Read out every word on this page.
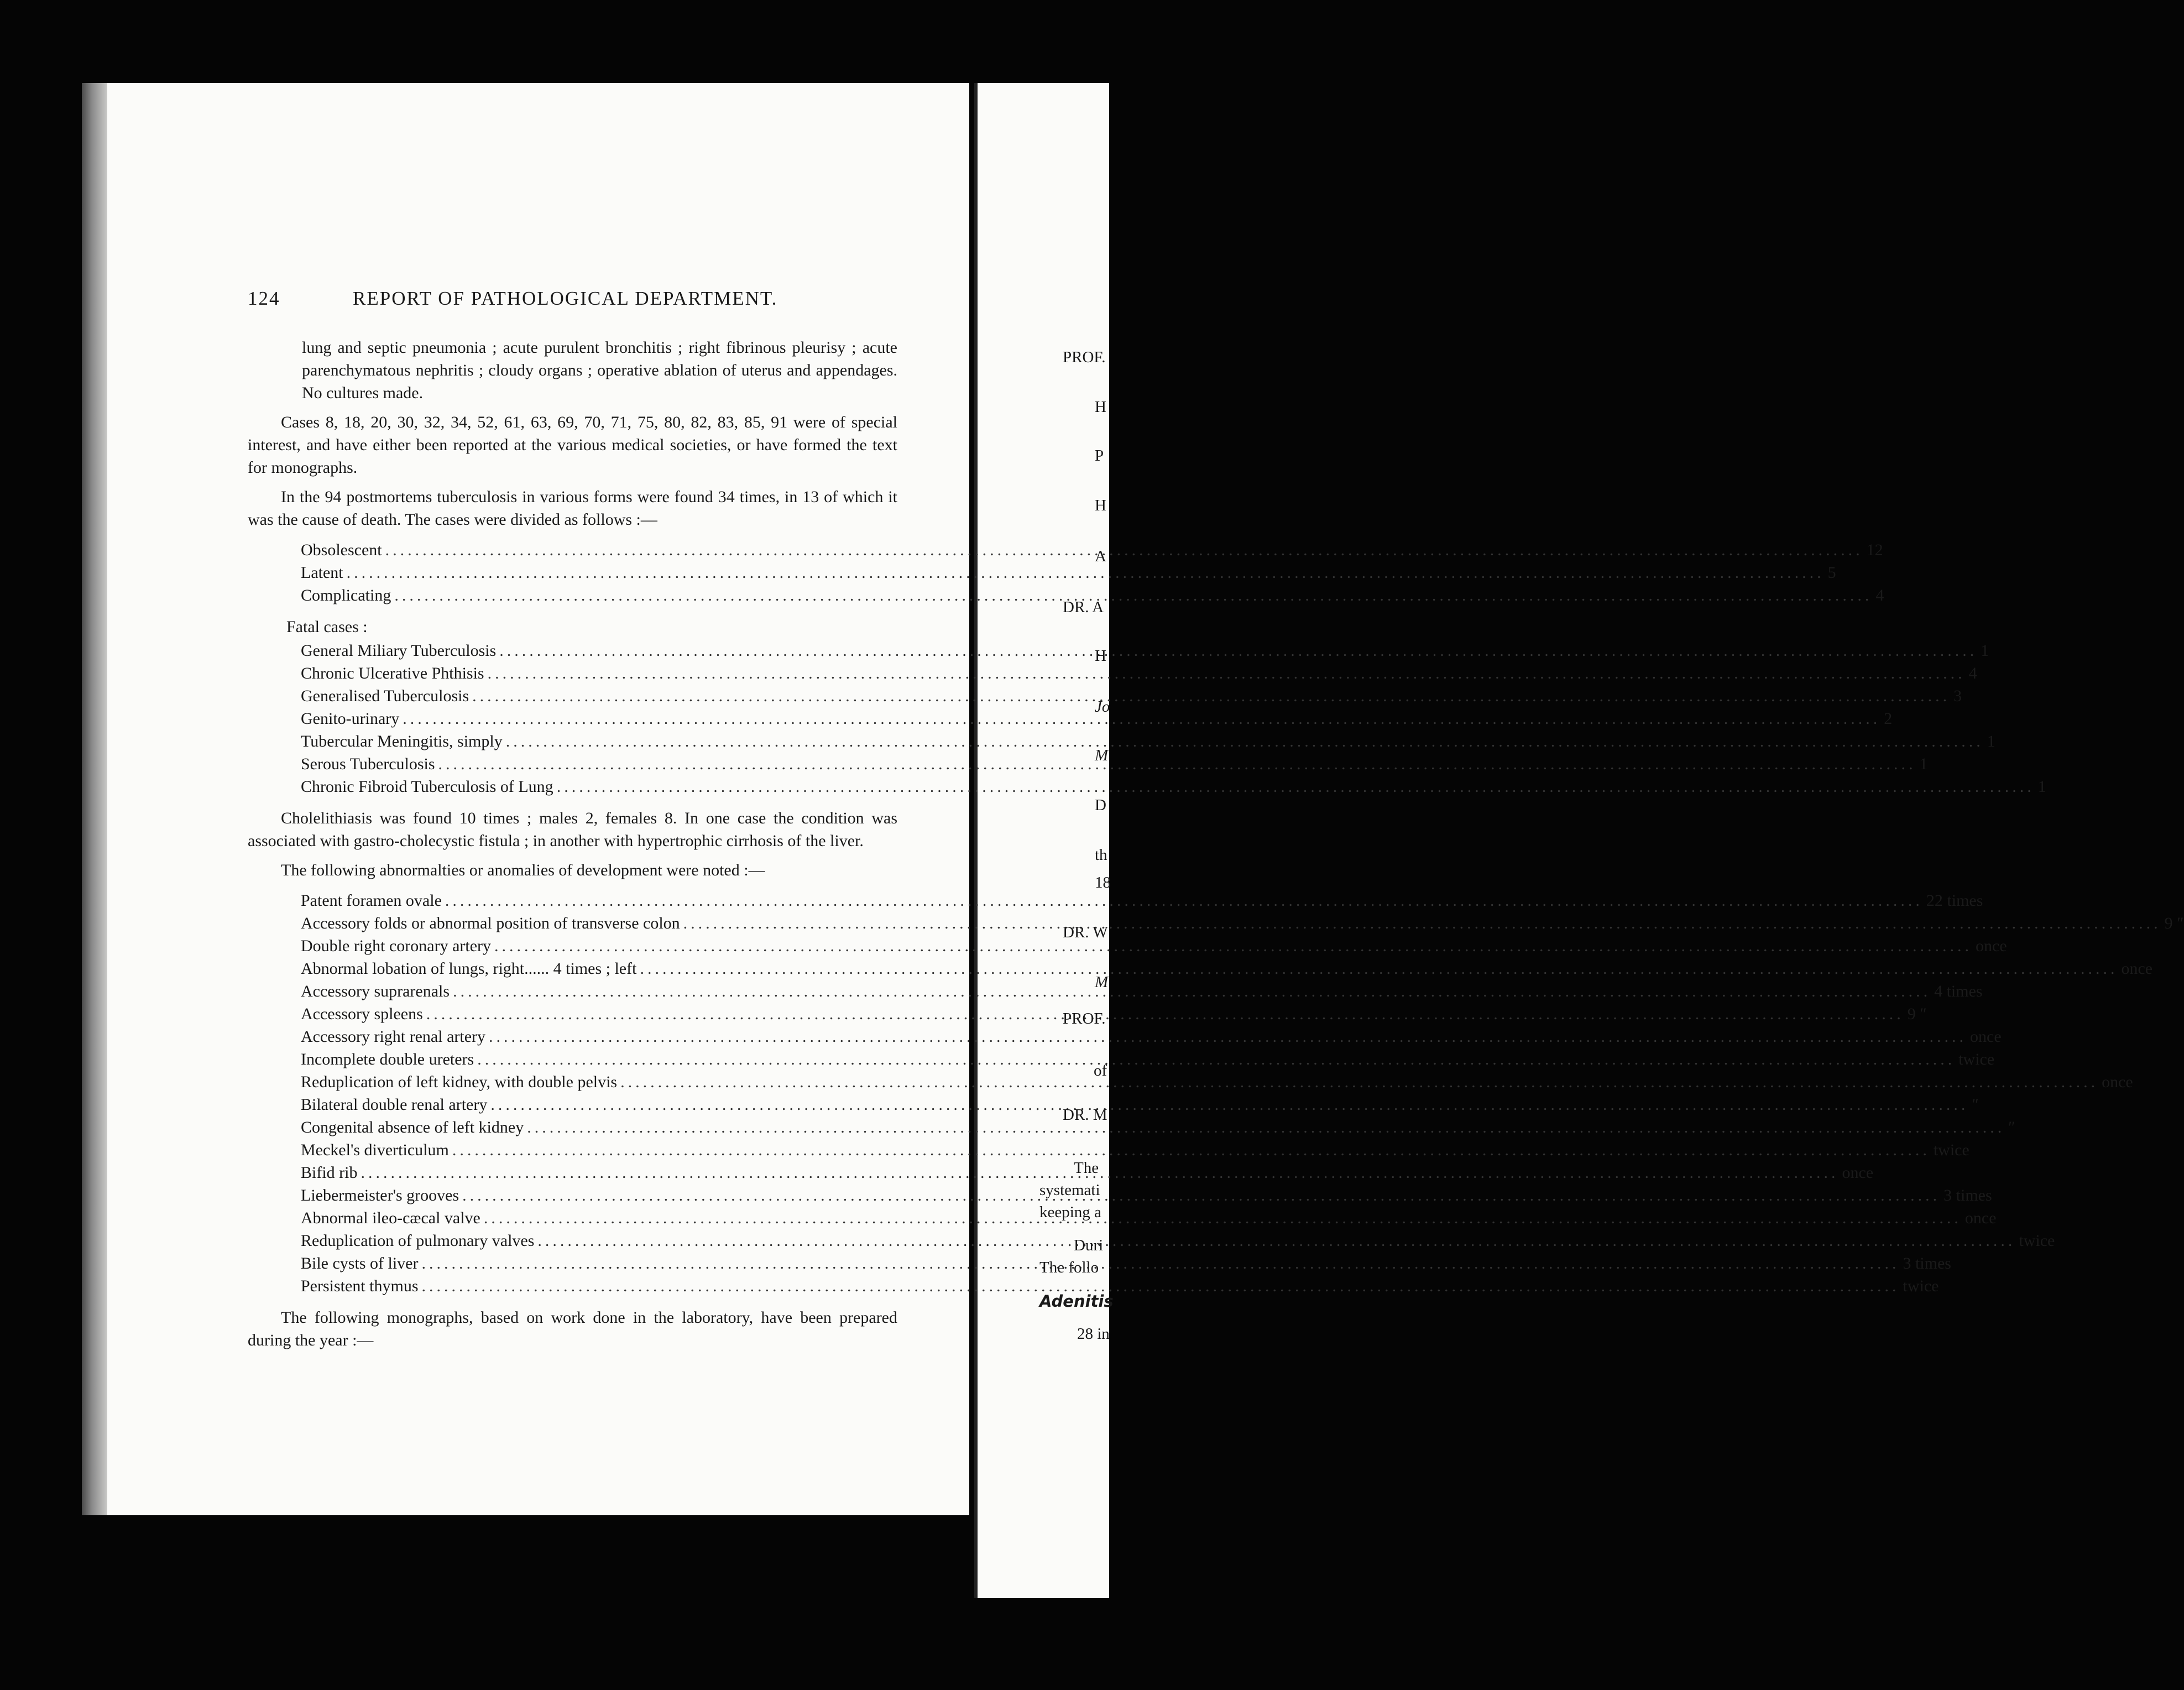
124	REPORT OF PATHOLOGICAL DEPARTMENT.

lung and septic pneumonia ; acute purulent bronchitis ; right fibrinous pleurisy ; acute parenchymatous nephritis ; cloudy organs ; operative ablation of uterus and appendages. No cultures made.

Cases 8, 18, 20, 30, 32, 34, 52, 61, 63, 69, 70, 71, 75, 80, 82, 83, 85, 91 were of special interest, and have either been reported at the various medical societies, or have formed the text for monographs.

In the 94 postmortems tuberculosis in various forms were found 34 times, in 13 of which it was the cause of death. The cases were divided as follows :—

Obsolescent .....	12
Latent .....	5
Complicating .....	4
Fatal cases :
General Miliary Tuberculosis .....	1
Chronic Ulcerative Phthisis .....	4
Generalised Tuberculosis .....	3
Genito-urinary .....	2
Tubercular Meningitis, simply .....	1
Serous Tuberculosis .....	1
Chronic Fibroid Tuberculosis of Lung .....	1

Cholelithiasis was found 10 times ; males 2, females 8. In one case the condition was associated with gastro-cholecystic fistula ; in another with hypertrophic cirrhosis of the liver.

The following abnormalties or anomalies of development were noted :—

Patent foramen ovale .....	22 times
Accessory folds or abnormal position of transverse colon .....	9 ″
Double right coronary artery .....	once
Abnormal lobation of lungs, right...... 4 times ; left .....	once
Accessory suprarenals .....	4 times
Accessory spleens .....	9 ″
Accessory right renal artery .....	once
Incomplete double ureters .....	twice
Reduplication of left kidney, with double pelvis .....	once
Bilateral double renal artery .....	″
Congenital absence of left kidney .....	″
Meckel's diverticulum .....	twice
Bifid rib .....	once
Liebermeister's grooves .....	3 times
Abnormal ileo-cæcal valve .....	once
Reduplication of pulmonary valves .....	twice
Bile cysts of liver .....	3 times
Persistent thymus .....	twice

The following monographs, based on work done in the laboratory, have been prepared during the year :—

PROF.
H
P
H
A
DR. A
H
Jo
M
D
th
18
DR. W
M
PROF.
of
DR. M
The
systemati
keeping a
Duri
The follo
Adenitis
28 in
